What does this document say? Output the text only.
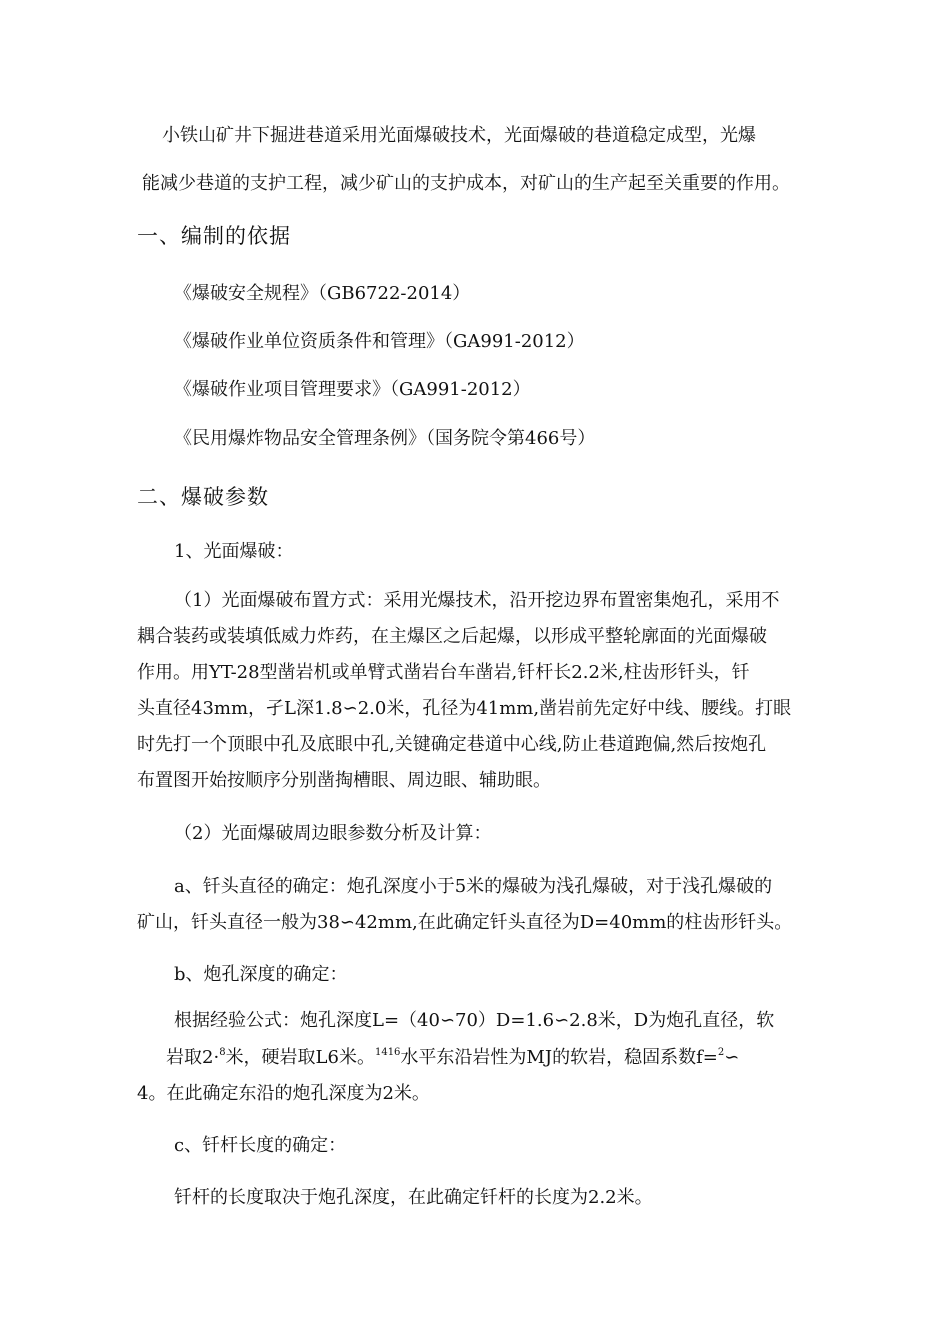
小铁山矿井下掘进巷道采用光面爆破技术，光面爆破的巷道稳定成型，光爆
能减少巷道的支护工程，减少矿山的支护成本，对矿山的生产起至关重要的作用。
一、编制的依据
《爆破安全规程》（GB6722-2014）
《爆破作业单位资质条件和管理》（GA991-2012）
《爆破作业项目管理要求》（GA991-2012）
《民用爆炸物品安全管理条例》（国务院令第466号）
二、爆破参数
1、光面爆破：
（1）光面爆破布置方式：采用光爆技术，沿开挖边界布置密集炮孔，采用不
耦合装药或装填低威力炸药，在主爆区之后起爆，以形成平整轮廓面的光面爆破
作用。用YT-28型凿岩机或单臂式凿岩台车凿岩,钎杆长2.2米,柱齿形钎头，钎
头直径43mm，孑L深1.8∽2.0米，孔径为41mm,凿岩前先定好中线、腰线。打眼
时先打一个顶眼中孔及底眼中孔,关键确定巷道中心线,防止巷道跑偏,然后按炮孔
布置图开始按顺序分别凿掏槽眼、周边眼、辅助眼。
（2）光面爆破周边眼参数分析及计算：
a、钎头直径的确定：炮孔深度小于5米的爆破为浅孔爆破，对于浅孔爆破的
矿山，钎头直径一般为38∽42mm,在此确定钎头直径为D=40mm的柱齿形钎头。
b、炮孔深度的确定：
根据经验公式：炮孔深度L=（40∽70）D=1.6∽2.8米，D为炮孔直径，软
岩取2·$^8$米，硬岩取L6米。$^{1416}$水平东沿岩性为MJ的软岩，稳固系数f=$^2$∽
4。在此确定东沿的炮孔深度为2米。
c、钎杆长度的确定：
钎杆的长度取决于炮孔深度，在此确定钎杆的长度为2.2米。
